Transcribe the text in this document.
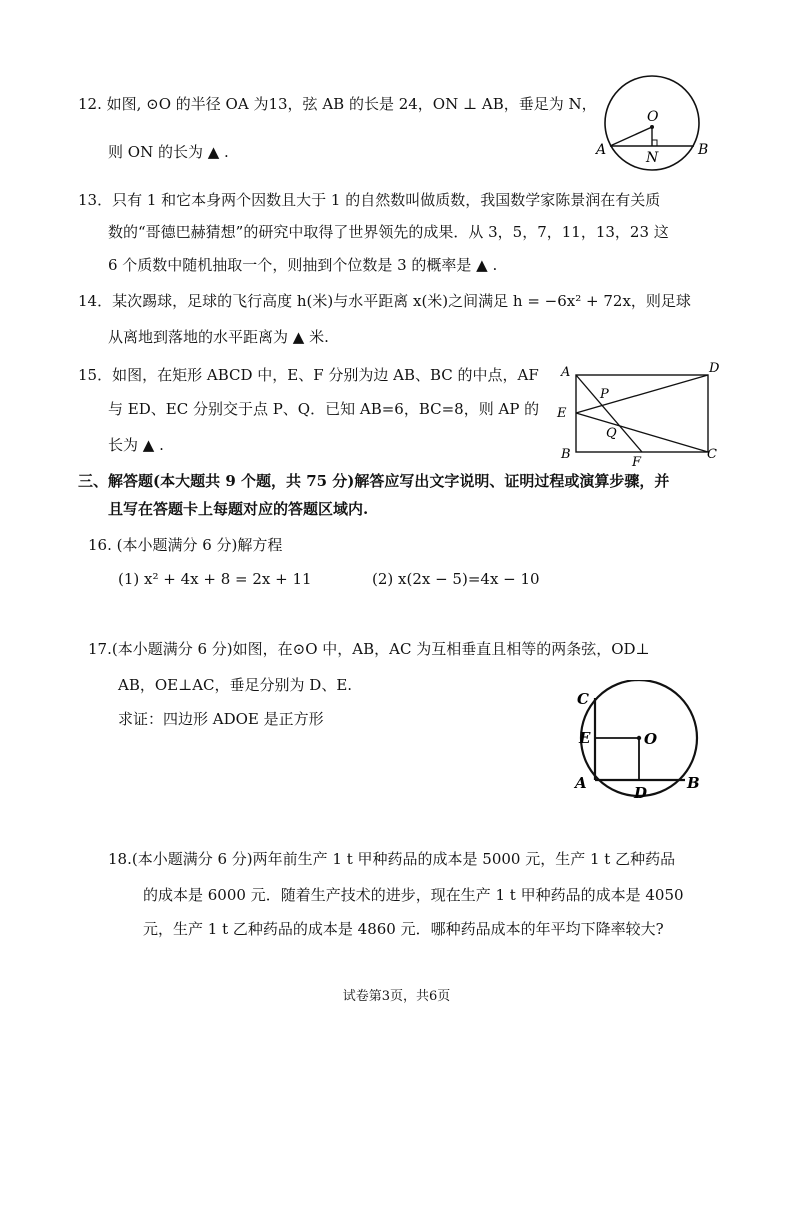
12. 如图, ⊙O 的半径 OA 为13，弦 AB 的长是 24，ON ⊥ AB，垂足为 N，
则 ON 的长为 ▲ .
O
A	N	B
13．只有 1 和它本身两个因数且大于 1 的自然数叫做质数，我国数学家陈景润在有关质
数的“哥德巴赫猜想”的研究中取得了世界领先的成果．从 3，5，7，11，13，23 这
6 个质数中随机抽取一个，则抽到个位数是 3 的概率是 ▲ .
14．某次踢球，足球的飞行高度 h(米)与水平距离 x(米)之间满足 h = −6x² + 72x，则足球
从离地到落地的水平距离为 ▲ 米.
15．如图，在矩形 ABCD 中，E、F 分别为边 AB、BC 的中点，AF
与 ED、EC 分别交于点 P、Q．已知 AB=6，BC=8，则 AP 的
长为 ▲ .
A	D
P
E
Q
B
F
C
三、解答题(本大题共 9 个题，共 75 分)解答应写出文字说明、证明过程或演算步骤，并
且写在答题卡上每题对应的答题区域内.
16. (本小题满分 6 分)解方程
(1) x² + 4x + 8 = 2x + 11	(2) x(2x − 5)=4x − 10
17.(本小题满分 6 分)如图，在⊙O 中，AB，AC 为互相垂直且相等的两条弦，OD⊥
AB，OE⊥AC，垂足分别为 D、E.
求证：四边形 ADOE 是正方形
C
E	O
A
D
B
18.(本小题满分 6 分)两年前生产 1 t 甲种药品的成本是 5000 元，生产 1 t 乙种药品
的成本是 6000 元．随着生产技术的进步，现在生产 1 t 甲种药品的成本是 4050
元，生产 1 t 乙种药品的成本是 4860 元．哪种药品成本的年平均下降率较大?
试卷第3页，共6页
